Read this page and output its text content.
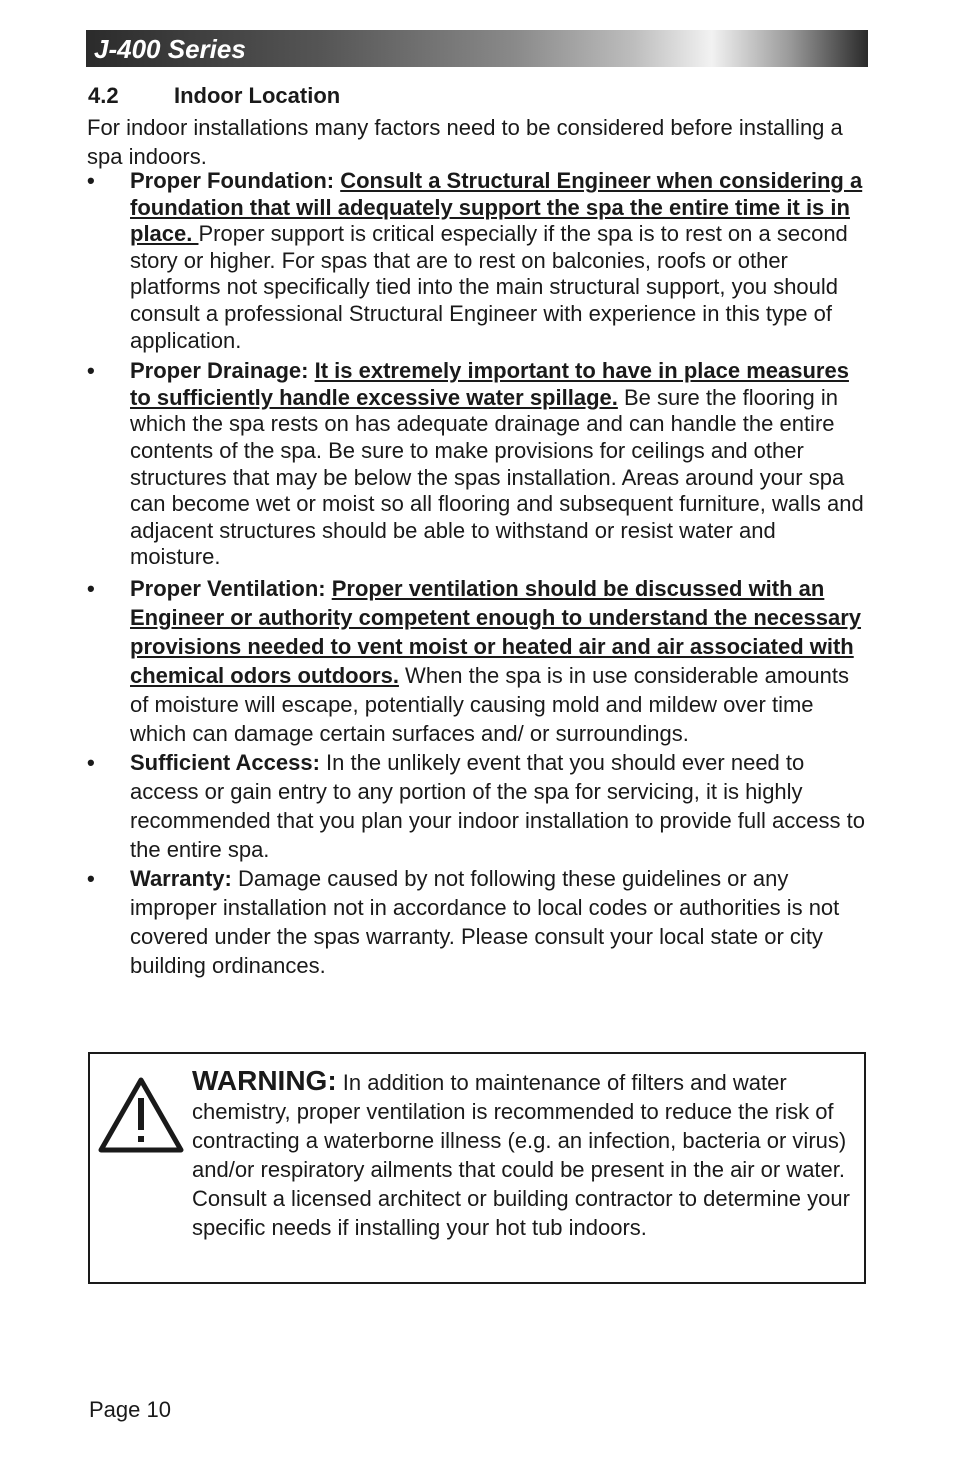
J-400 Series
4.2	Indoor Location
For indoor installations many factors need to be considered before installing a spa indoors.
• Proper Foundation: Consult a Structural Engineer when considering a foundation that will adequately support the spa the entire time it is in place. Proper support is critical especially if the spa is to rest on a second story or higher. For spas that are to rest on balconies, roofs or other platforms not specifically tied into the main structural support, you should consult a professional Structural Engineer with experience in this type of application.
• Proper Drainage: It is extremely important to have in place measures to sufficiently handle excessive water spillage. Be sure the flooring in which the spa rests on has adequate drainage and can handle the entire contents of the spa. Be sure to make provisions for ceilings and other structures that may be below the spas installation. Areas around your spa can become wet or moist so all flooring and subsequent furniture, walls and adjacent structures should be able to withstand or resist water and moisture.
• Proper Ventilation: Proper ventilation should be discussed with an Engineer or authority competent enough to understand the necessary provisions needed to vent moist or heated air and air associated with chemical odors outdoors. When the spa is in use considerable amounts of moisture will escape, potentially causing mold and mildew over time which can damage certain surfaces and/ or surroundings.
• Sufficient Access: In the unlikely event that you should ever need to access or gain entry to any portion of the spa for servicing, it is highly recommended that you plan your indoor installation to provide full access to the entire spa.
• Warranty: Damage caused by not following these guidelines or any improper installation not in accordance to local codes or authorities is not covered under the spas warranty. Please consult your local state or city building ordinances.
WARNING: In addition to maintenance of filters and water chemistry, proper ventilation is recommended to reduce the risk of contracting a waterborne illness (e.g. an infection, bacteria or virus) and/or respiratory ailments that could be present in the air or water. Consult a licensed architect or building contractor to determine your specific needs if installing your hot tub indoors.
Page 10
